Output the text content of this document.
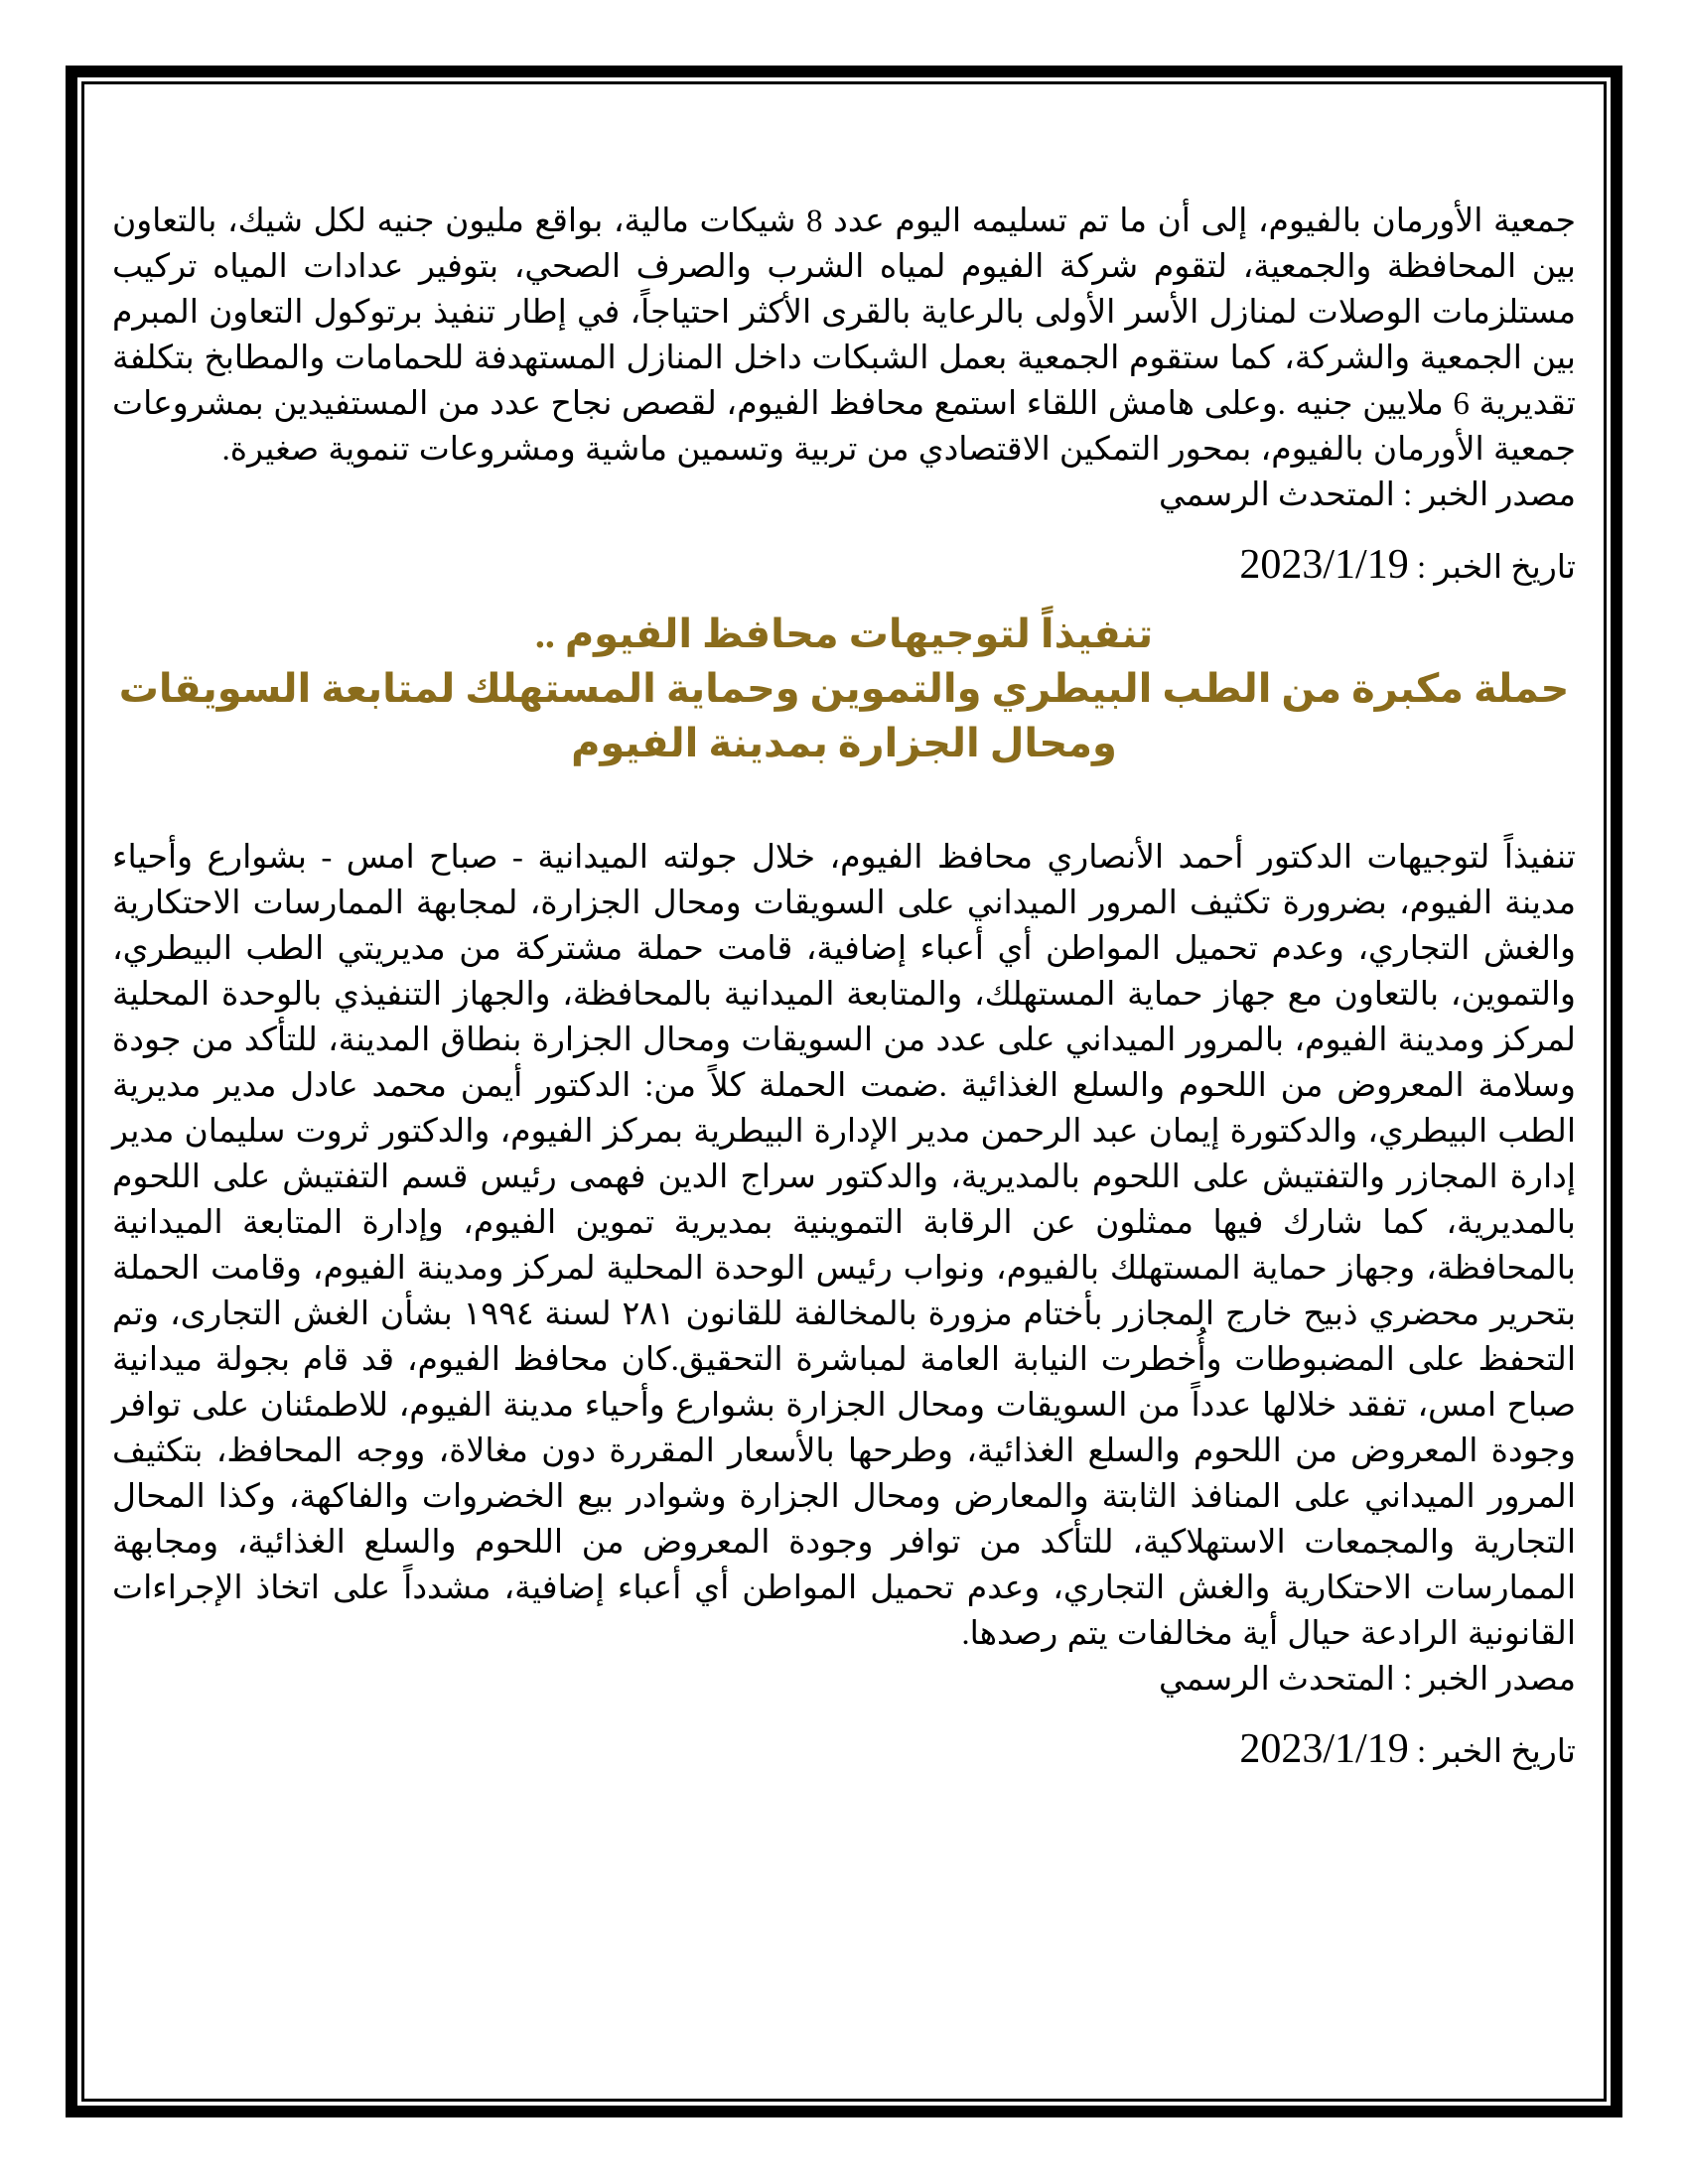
جمعية الأورمان بالفيوم، إلى أن ما تم تسليمه اليوم عدد 8 شيكات مالية، بواقع مليون جنيه لكل شيك، بالتعاون بين المحافظة والجمعية، لتقوم شركة الفيوم لمياه الشرب والصرف الصحي، بتوفير عدادات المياه تركيب مستلزمات الوصلات لمنازل الأسر الأولى بالرعاية بالقرى الأكثر احتياجاً، في إطار تنفيذ برتوكول التعاون المبرم بين الجمعية والشركة، كما ستقوم الجمعية بعمل الشبكات داخل المنازل المستهدفة للحمامات والمطابخ بتكلفة تقديرية 6 ملايين جنيه .وعلى هامش اللقاء استمع محافظ الفيوم، لقصص نجاح عدد من المستفيدين بمشروعات جمعية الأورمان بالفيوم، بمحور التمكين الاقتصادي من تربية وتسمين ماشية ومشروعات تنموية صغيرة.

مصدر الخبر : المتحدث الرسمي

تاريخ الخبر : 2023/1/19

تنفيذاً لتوجيهات محافظ الفيوم ..
حملة مكبرة من الطب البيطري والتموين وحماية المستهلك لمتابعة السويقات
ومحال الجزارة بمدينة الفيوم

تنفيذاً لتوجيهات الدكتور أحمد الأنصاري محافظ الفيوم، خلال جولته الميدانية - صباح امس - بشوارع وأحياء مدينة الفيوم، بضرورة تكثيف المرور الميداني على السويقات ومحال الجزارة، لمجابهة الممارسات الاحتكارية والغش التجاري، وعدم تحميل المواطن أي أعباء إضافية، قامت حملة مشتركة من مديريتي الطب البيطري، والتموين، بالتعاون مع جهاز حماية المستهلك، والمتابعة الميدانية بالمحافظة، والجهاز التنفيذي بالوحدة المحلية لمركز ومدينة الفيوم، بالمرور الميداني على عدد من السويقات ومحال الجزارة بنطاق المدينة، للتأكد من جودة وسلامة المعروض من اللحوم والسلع الغذائية .ضمت الحملة كلاً من: الدكتور أيمن محمد عادل مدير مديرية الطب البيطري، والدكتورة إيمان عبد الرحمن مدير الإدارة البيطرية بمركز الفيوم، والدكتور ثروت سليمان مدير إدارة المجازر والتفتيش على اللحوم بالمديرية، والدكتور سراج الدين فهمى رئيس قسم التفتيش على اللحوم بالمديرية، كما شارك فيها ممثلون عن الرقابة التموينية بمديرية تموين الفيوم، وإدارة المتابعة الميدانية بالمحافظة، وجهاز حماية المستهلك بالفيوم، ونواب رئيس الوحدة المحلية لمركز ومدينة الفيوم، وقامت الحملة بتحرير محضري ذبيح خارج المجازر بأختام مزورة بالمخالفة للقانون ٢٨١ لسنة ١٩٩٤ بشأن الغش التجارى، وتم التحفظ على المضبوطات وأُخطرت النيابة العامة لمباشرة التحقيق.كان محافظ الفيوم، قد قام بجولة ميدانية صباح امس، تفقد خلالها عدداً من السويقات ومحال الجزارة بشوارع وأحياء مدينة الفيوم، للاطمئنان على توافر وجودة المعروض من اللحوم والسلع الغذائية، وطرحها بالأسعار المقررة دون مغالاة، ووجه المحافظ، بتكثيف المرور الميداني على المنافذ الثابتة والمعارض ومحال الجزارة وشوادر بيع الخضروات والفاكهة، وكذا المحال التجارية والمجمعات الاستهلاكية، للتأكد من توافر وجودة المعروض من اللحوم والسلع الغذائية، ومجابهة الممارسات الاحتكارية والغش التجاري، وعدم تحميل المواطن أي أعباء إضافية، مشدداً على اتخاذ الإجراءات القانونية الرادعة حيال أية مخالفات يتم رصدها.

مصدر الخبر : المتحدث الرسمي

تاريخ الخبر : 2023/1/19
